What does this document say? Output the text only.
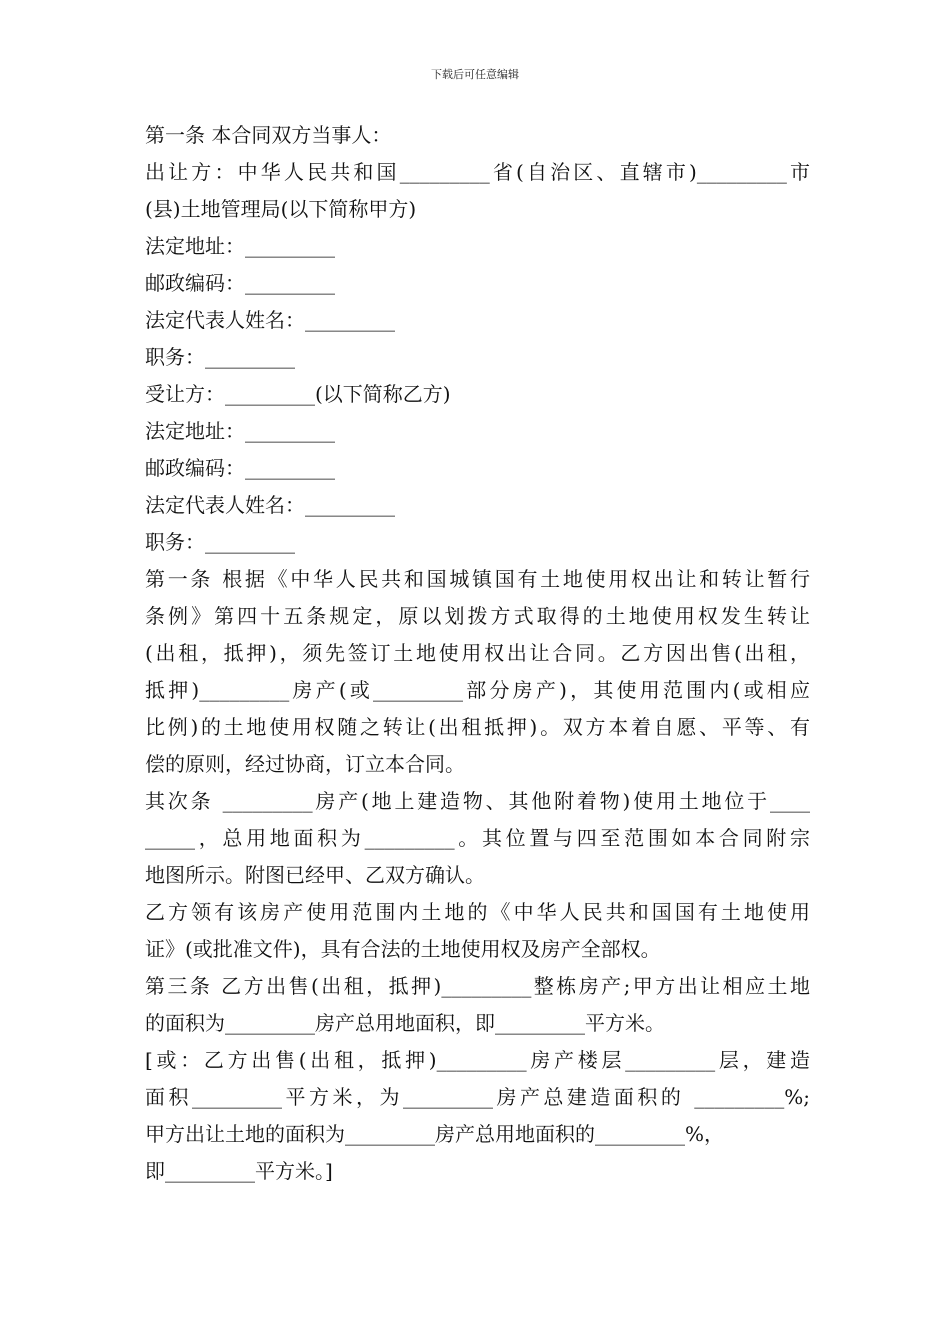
下载后可任意编辑
第一条 本合同双方当事人：
出让方：中华人民共和国_________省(自治区、直辖市)_________市
(县)土地管理局(以下简称甲方)
法定地址：_________
邮政编码：_________
法定代表人姓名：_________
职务：_________
受让方：_________(以下简称乙方)
法定地址：_________
邮政编码：_________
法定代表人姓名：_________
职务：_________
第一条 根据《中华人民共和国城镇国有土地使用权出让和转让暂行
条例》第四十五条规定，原以划拨方式取得的土地使用权发生转让
(出租，抵押)，须先签订土地使用权出让合同。乙方因出售(出租，
抵押)_________房产(或_________部分房产)，其使用范围内(或相应
比例)的土地使用权随之转让(出租抵押)。双方本着自愿、平等、有
偿的原则，经过协商，订立本合同。
其次条 _________房产(地上建造物、其他附着物)使用土地位于____
_____，总用地面积为_________。其位置与四至范围如本合同附宗
地图所示。附图已经甲、乙双方确认。
乙方领有该房产使用范围内土地的《中华人民共和国国有土地使用
证》(或批准文件)，具有合法的土地使用权及房产全部权。
第三条 乙方出售(出租，抵押)_________整栋房产;甲方出让相应土地
的面积为_________房产总用地面积，即_________平方米。
[或：乙方出售(出租，抵押)_________房产楼层_________层，建造
面积_________平方米，为_________房产总建造面积的 _________%;
甲方出让土地的面积为_________房产总用地面积的_________%，
即_________平方米。]
